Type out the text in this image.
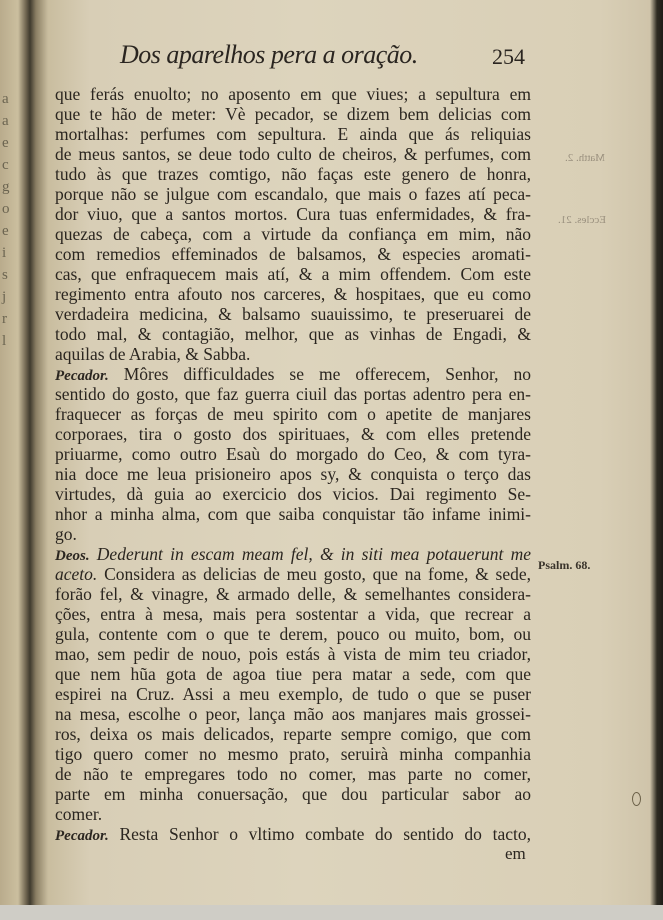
a
a
e
c
g
o
e
i
s
j
r
l
Dos aparelhos pera a oração.	254
Matth. 2.
Eccles. 21.
Psalm. 68.
que ferás enuolto; no aposento em que viues; a sepultura em
que te hão de meter: Vè pecador, se dizem bem delicias com
mortalhas: perfumes com sepultura. E ainda que ás reliquias
de meus santos, se deue todo culto de cheiros, & perfumes, com
tudo às que trazes comtigo, não faças este genero de honra,
porque não se julgue com escandalo, que mais o fazes atí peca-
dor viuo, que a santos mortos. Cura tuas enfermidades, & fra-
quezas de cabeça, com a virtude da confiança em mim, não
com remedios effeminados de balsamos, & especies aromati-
cas, que enfraquecem mais atí, & a mim offendem. Com este
regimento entra afouto nos carceres, & hospitaes, que eu como
verdadeira medicina, & balsamo suauissimo, te preseruarei de
todo mal, & contagião, melhor, que as vinhas de Engadi, &
aquilas de Arabia, & Sabba.
Pecador. Môres difficuldades se me offerecem, Senhor, no
sentido do gosto, que faz guerra ciuil das portas adentro pera en-
fraquecer as forças de meu spirito com o apetite de manjares
corporaes, tira o gosto dos spirituaes, & com elles pretende
priuarme, como outro Esaù do morgado do Ceo, & com tyra-
nia doce me leua prisioneiro apos sy, & conquista o terço das
virtudes, dà guia ao exercicio dos vicios. Dai regimento Se-
nhor a minha alma, com que saiba conquistar tão infame inimi-
go.
Deos. Dederunt in escam meam fel, & in siti mea potauerunt me
aceto. Considera as delicias de meu gosto, que na fome, & sede,
forão fel, & vinagre, & armado delle, & semelhantes considera-
ções, entra à mesa, mais pera sostentar a vida, que recrear a
gula, contente com o que te derem, pouco ou muito, bom, ou
mao, sem pedir de nouo, pois estás à vista de mim teu criador,
que nem hũa gota de agoa tiue pera matar a sede, com que
espirei na Cruz. Assi a meu exemplo, de tudo o que se puser
na mesa, escolhe o peor, lança mão aos manjares mais grossei-
ros, deixa os mais delicados, reparte sempre comigo, que com
tigo quero comer no mesmo prato, seruirà minha companhia
de não te empregares todo no comer, mas parte no comer,
parte em minha conuersação, que dou particular sabor ao
comer.
Pecador. Resta Senhor o vltimo combate do sentido do tacto,
em
